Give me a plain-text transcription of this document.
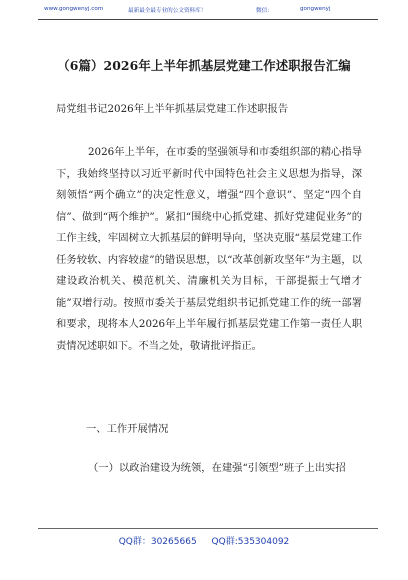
www.gongwenyj.com	最新最全最专业的公文资料库！	微信：	gongwenyj
（6篇）2026年上半年抓基层党建工作述职报告汇编
局党组书记2026年上半年抓基层党建工作述职报告

2026年上半年，在市委的坚强领导和市委组织部的精心指导下，我始终坚持以习近平新时代中国特色社会主义思想为指导，深刻领悟“两个确立”的决定性意义，增强“四个意识”、坚定“四个自信”、做到“两个维护”。紧扣“围绕中心抓党建、抓好党建促业务”的工作主线，牢固树立大抓基层的鲜明导向，坚决克服“基层党建工作任务较软、内容较虚”的错误思想，以“改革创新攻坚年”为主题，以建设政治机关、模范机关、清廉机关为目标，干部提振士气增才能”双增行动。按照市委关于基层党组织书记抓党建工作的统一部署和要求，现将本人2026年上半年履行抓基层党建工作第一责任人职责情况述职如下。不当之处，敬请批评指正。

一、工作开展情况

（一）以政治建设为统领，在建强“引领型”班子上出实招

QQ群：30265665 QQ群:535304092
